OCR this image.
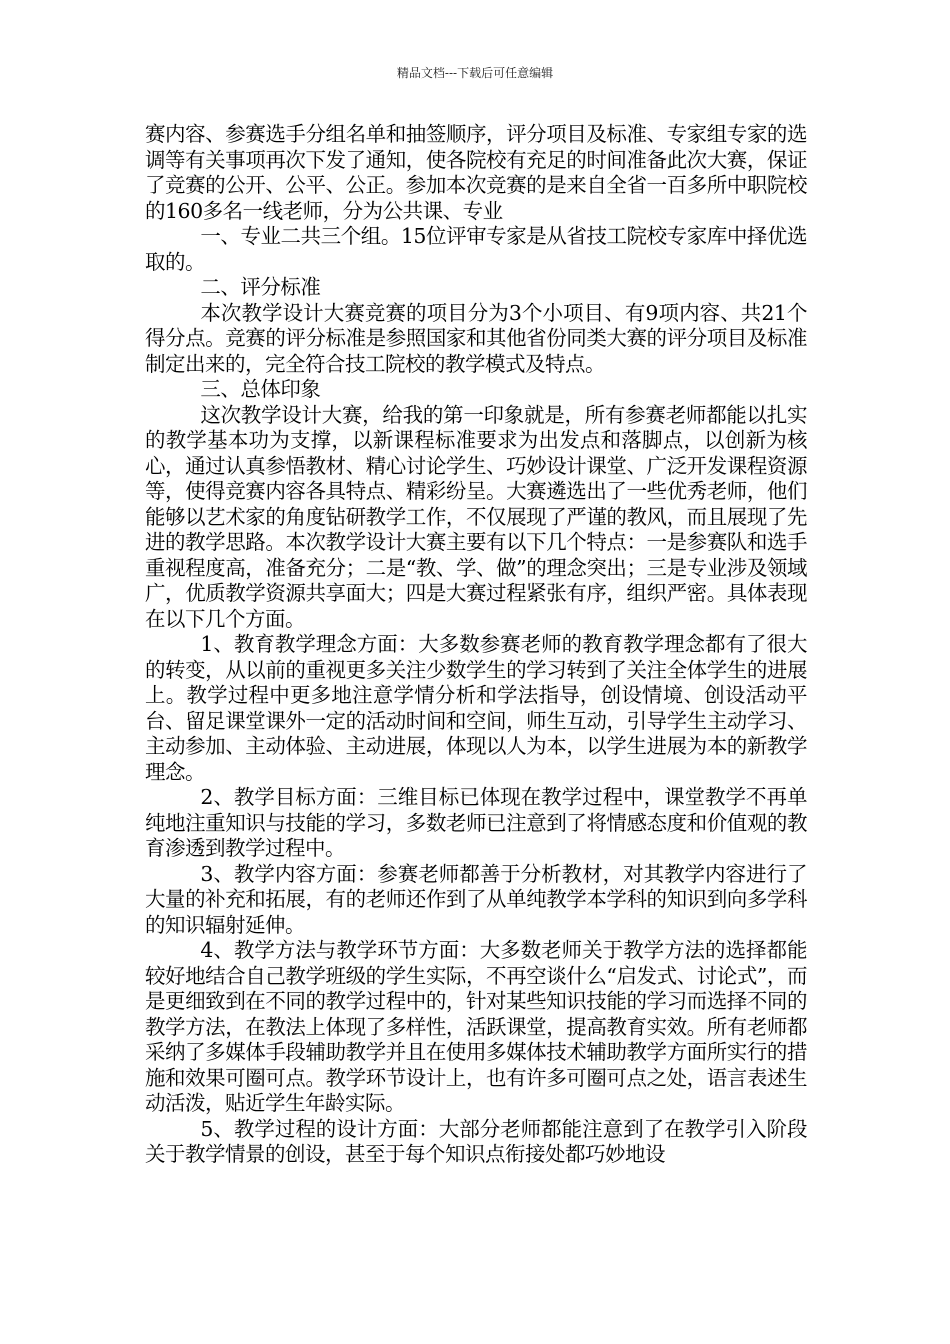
精品文档---下载后可任意编辑

赛内容、参赛选手分组名单和抽签顺序，评分项目及标准、专家组专家的选调等有关事项再次下发了通知，使各院校有充足的时间准备此次大赛，保证了竞赛的公开、公平、公正。参加本次竞赛的是来自全省一百多所中职院校的160多名一线老师，分为公共课、专业

一、专业二共三个组。15位评审专家是从省技工院校专家库中择优选取的。

二、评分标准

本次教学设计大赛竞赛的项目分为3个小项目、有9项内容、共21个得分点。竞赛的评分标准是参照国家和其他省份同类大赛的评分项目及标准制定出来的，完全符合技工院校的教学模式及特点。

三、总体印象

这次教学设计大赛，给我的第一印象就是，所有参赛老师都能以扎实的教学基本功为支撑，以新课程标准要求为出发点和落脚点，以创新为核心，通过认真参悟教材、精心讨论学生、巧妙设计课堂、广泛开发课程资源等，使得竞赛内容各具特点、精彩纷呈。大赛遴选出了一些优秀老师，他们能够以艺术家的角度钻研教学工作，不仅展现了严谨的教风，而且展现了先进的教学思路。本次教学设计大赛主要有以下几个特点：一是参赛队和选手重视程度高，准备充分；二是“教、学、做”的理念突出；三是专业涉及领域广，优质教学资源共享面大；四是大赛过程紧张有序，组织严密。具体表现在以下几个方面。

1、教育教学理念方面：大多数参赛老师的教育教学理念都有了很大的转变，从以前的重视更多关注少数学生的学习转到了关注全体学生的进展上。教学过程中更多地注意学情分析和学法指导，创设情境、创设活动平台、留足课堂课外一定的活动时间和空间，师生互动，引导学生主动学习、主动参加、主动体验、主动进展，体现以人为本，以学生进展为本的新教学理念。

2、教学目标方面：三维目标已体现在教学过程中，课堂教学不再单纯地注重知识与技能的学习，多数老师已注意到了将情感态度和价值观的教育渗透到教学过程中。

3、教学内容方面：参赛老师都善于分析教材，对其教学内容进行了大量的补充和拓展，有的老师还作到了从单纯教学本学科的知识到向多学科的知识辐射延伸。

4、教学方法与教学环节方面：大多数老师关于教学方法的选择都能较好地结合自己教学班级的学生实际，不再空谈什么“启发式、讨论式”，而是更细致到在不同的教学过程中的，针对某些知识技能的学习而选择不同的教学方法，在教法上体现了多样性，活跃课堂，提高教育实效。所有老师都采纳了多媒体手段辅助教学并且在使用多媒体技术辅助教学方面所实行的措施和效果可圈可点。教学环节设计上，也有许多可圈可点之处，语言表述生动活泼，贴近学生年龄实际。

5、教学过程的设计方面：大部分老师都能注意到了在教学引入阶段关于教学情景的创设，甚至于每个知识点衔接处都巧妙地设
